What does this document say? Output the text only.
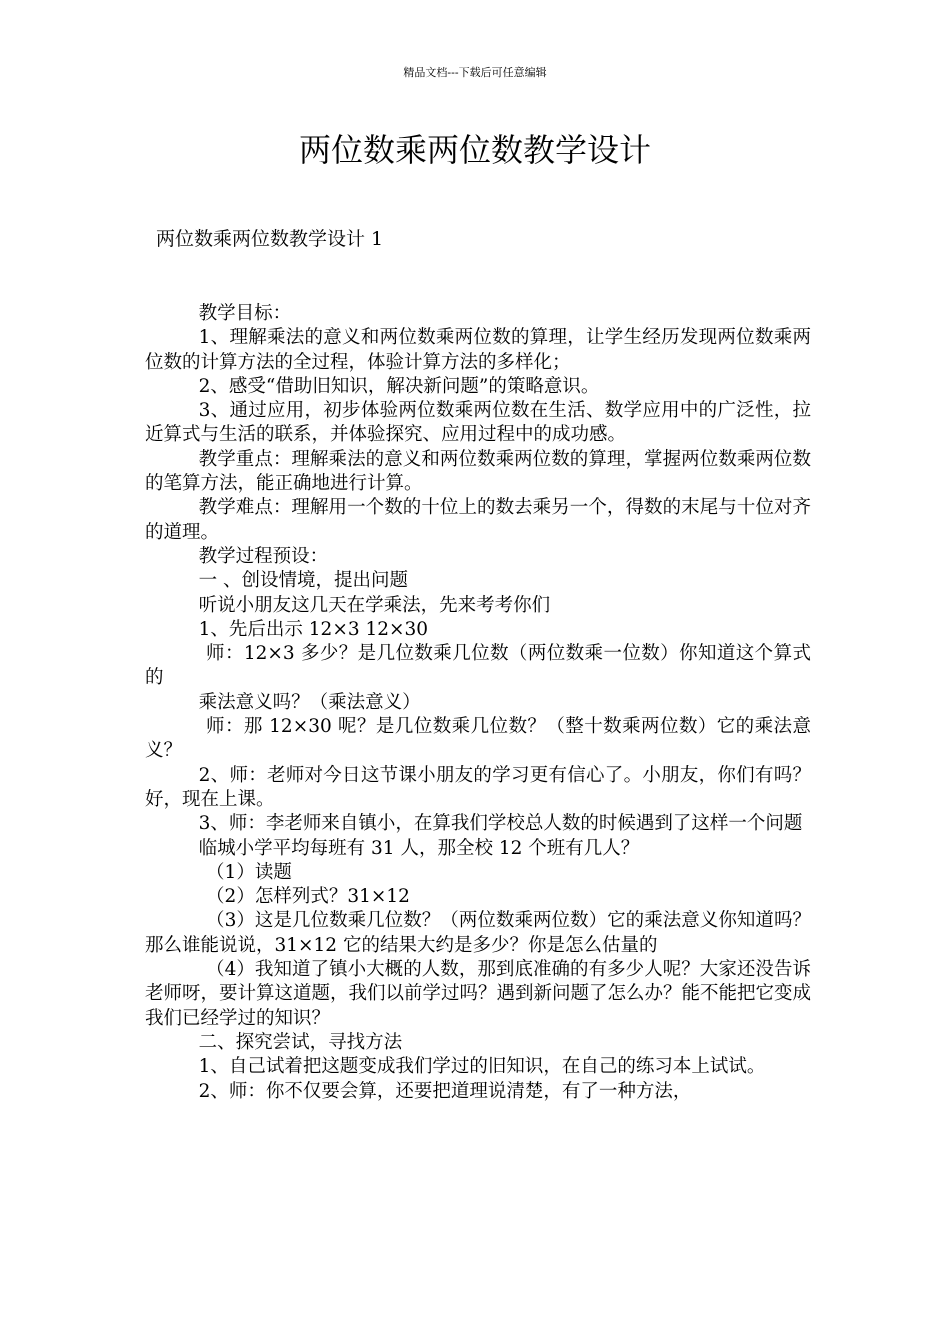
精品文档---下载后可任意编辑
两位数乘两位数教学设计
两位数乘两位数教学设计 1

教学目标：

1、理解乘法的意义和两位数乘两位数的算理，让学生经历发现两位数乘两位数的计算方法的全过程，体验计算方法的多样化；

2、感受“借助旧知识，解决新问题”的策略意识。

3、通过应用，初步体验两位数乘两位数在生活、数学应用中的广泛性，拉近算式与生活的联系，并体验探究、应用过程中的成功感。

教学重点：理解乘法的意义和两位数乘两位数的算理，掌握两位数乘两位数的笔算方法，能正确地进行计算。

教学难点：理解用一个数的十位上的数去乘另一个，得数的末尾与十位对齐的道理。

教学过程预设：

一 、创设情境，提出问题

听说小朋友这几天在学乘法，先来考考你们

1、先后出示 12×3 12×30

师：12×3 多少？是几位数乘几位数（两位数乘一位数）你知道这个算式的

乘法意义吗？（乘法意义）

师：那 12×30 呢？是几位数乘几位数？（整十数乘两位数）它的乘法意义？

2、师：老师对今日这节课小朋友的学习更有信心了。小朋友，你们有吗？好，现在上课。

3、师：李老师来自镇小，在算我们学校总人数的时候遇到了这样一个问题

临城小学平均每班有 31 人，那全校 12 个班有几人？

（1）读题

（2）怎样列式？31×12

（3）这是几位数乘几位数？（两位数乘两位数）它的乘法意义你知道吗？那么谁能说说，31×12 它的结果大约是多少？你是怎么估量的

（4）我知道了镇小大概的人数，那到底准确的有多少人呢？大家还没告诉老师呀，要计算这道题，我们以前学过吗？遇到新问题了怎么办？能不能把它变成我们已经学过的知识？

二、探究尝试，寻找方法

1、自己试着把这题变成我们学过的旧知识，在自己的练习本上试试。

2、师：你不仅要会算，还要把道理说清楚，有了一种方法，
